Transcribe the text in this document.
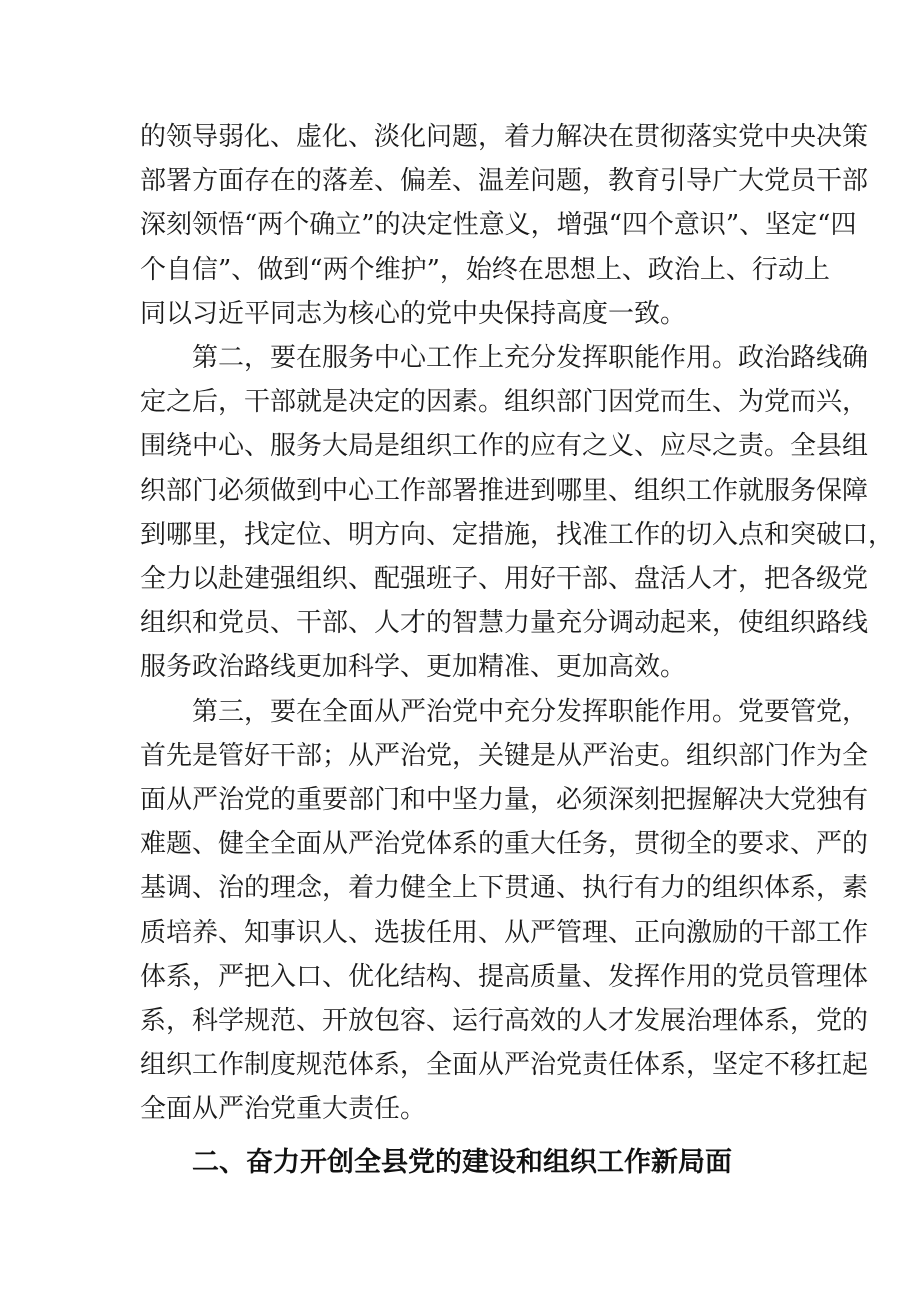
的领导弱化、虚化、淡化问题，着力解决在贯彻落实党中央决策
部署方面存在的落差、偏差、温差问题，教育引导广大党员干部
深刻领悟“两个确立”的决定性意义，增强“四个意识”、坚定“四
个自信”、做到“两个维护”，始终在思想上、政治上、行动上
同以习近平同志为核心的党中央保持高度一致。
第二，要在服务中心工作上充分发挥职能作用。政治路线确
定之后，干部就是决定的因素。组织部门因党而生、为党而兴，
围绕中心、服务大局是组织工作的应有之义、应尽之责。全县组
织部门必须做到中心工作部署推进到哪里、组织工作就服务保障
到哪里，找定位、明方向、定措施，找准工作的切入点和突破口，
全力以赴建强组织、配强班子、用好干部、盘活人才，把各级党
组织和党员、干部、人才的智慧力量充分调动起来，使组织路线
服务政治路线更加科学、更加精准、更加高效。
第三，要在全面从严治党中充分发挥职能作用。党要管党，
首先是管好干部；从严治党，关键是从严治吏。组织部门作为全
面从严治党的重要部门和中坚力量，必须深刻把握解决大党独有
难题、健全全面从严治党体系的重大任务，贯彻全的要求、严的
基调、治的理念，着力健全上下贯通、执行有力的组织体系，素
质培养、知事识人、选拔任用、从严管理、正向激励的干部工作
体系，严把入口、优化结构、提高质量、发挥作用的党员管理体
系，科学规范、开放包容、运行高效的人才发展治理体系，党的
组织工作制度规范体系，全面从严治党责任体系，坚定不移扛起
全面从严治党重大责任。
二、奋力开创全县党的建设和组织工作新局面
